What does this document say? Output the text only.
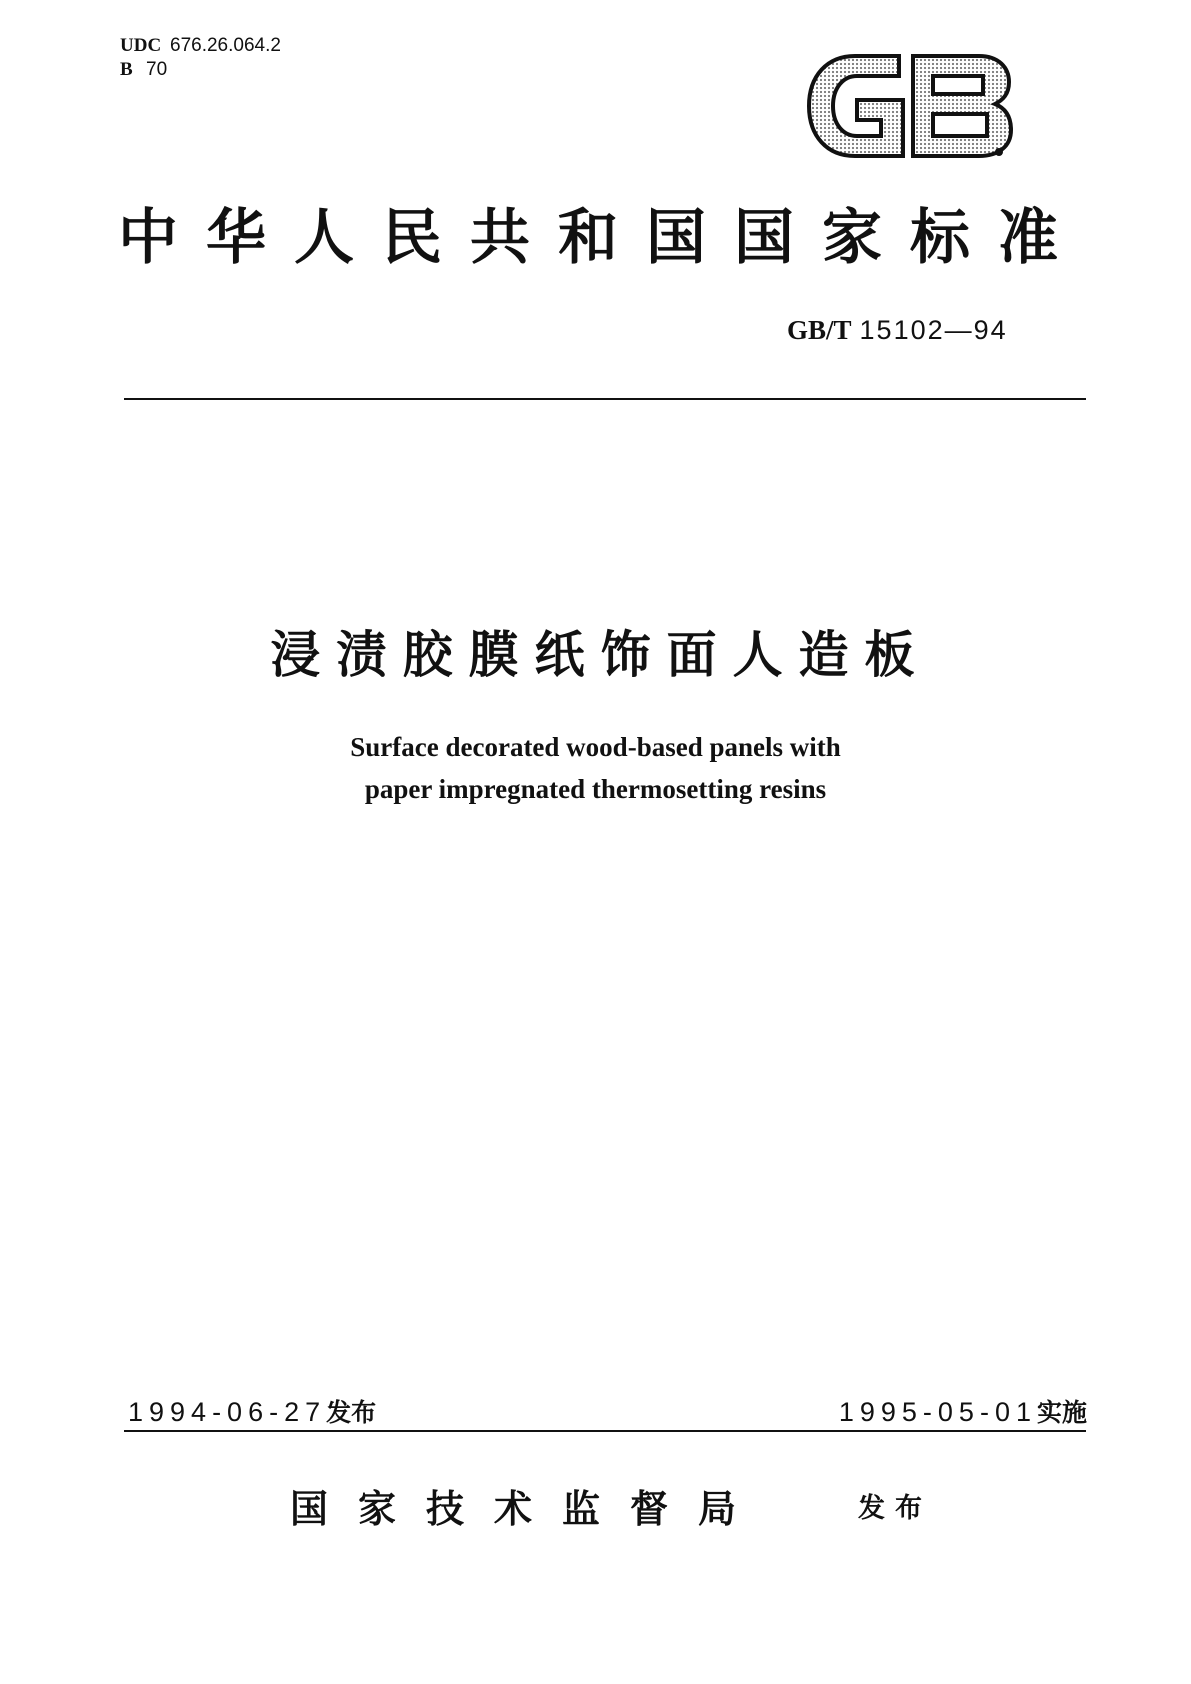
UDC 676.26.064.2
B 70
中华人民共和国国家标准
GB/T 15102—94
浸渍胶膜纸饰面人造板
Surface decorated wood-based panels with
paper impregnated thermosetting resins
1994-06-27发布	1995-05-01实施
国家技术监督局	发布
